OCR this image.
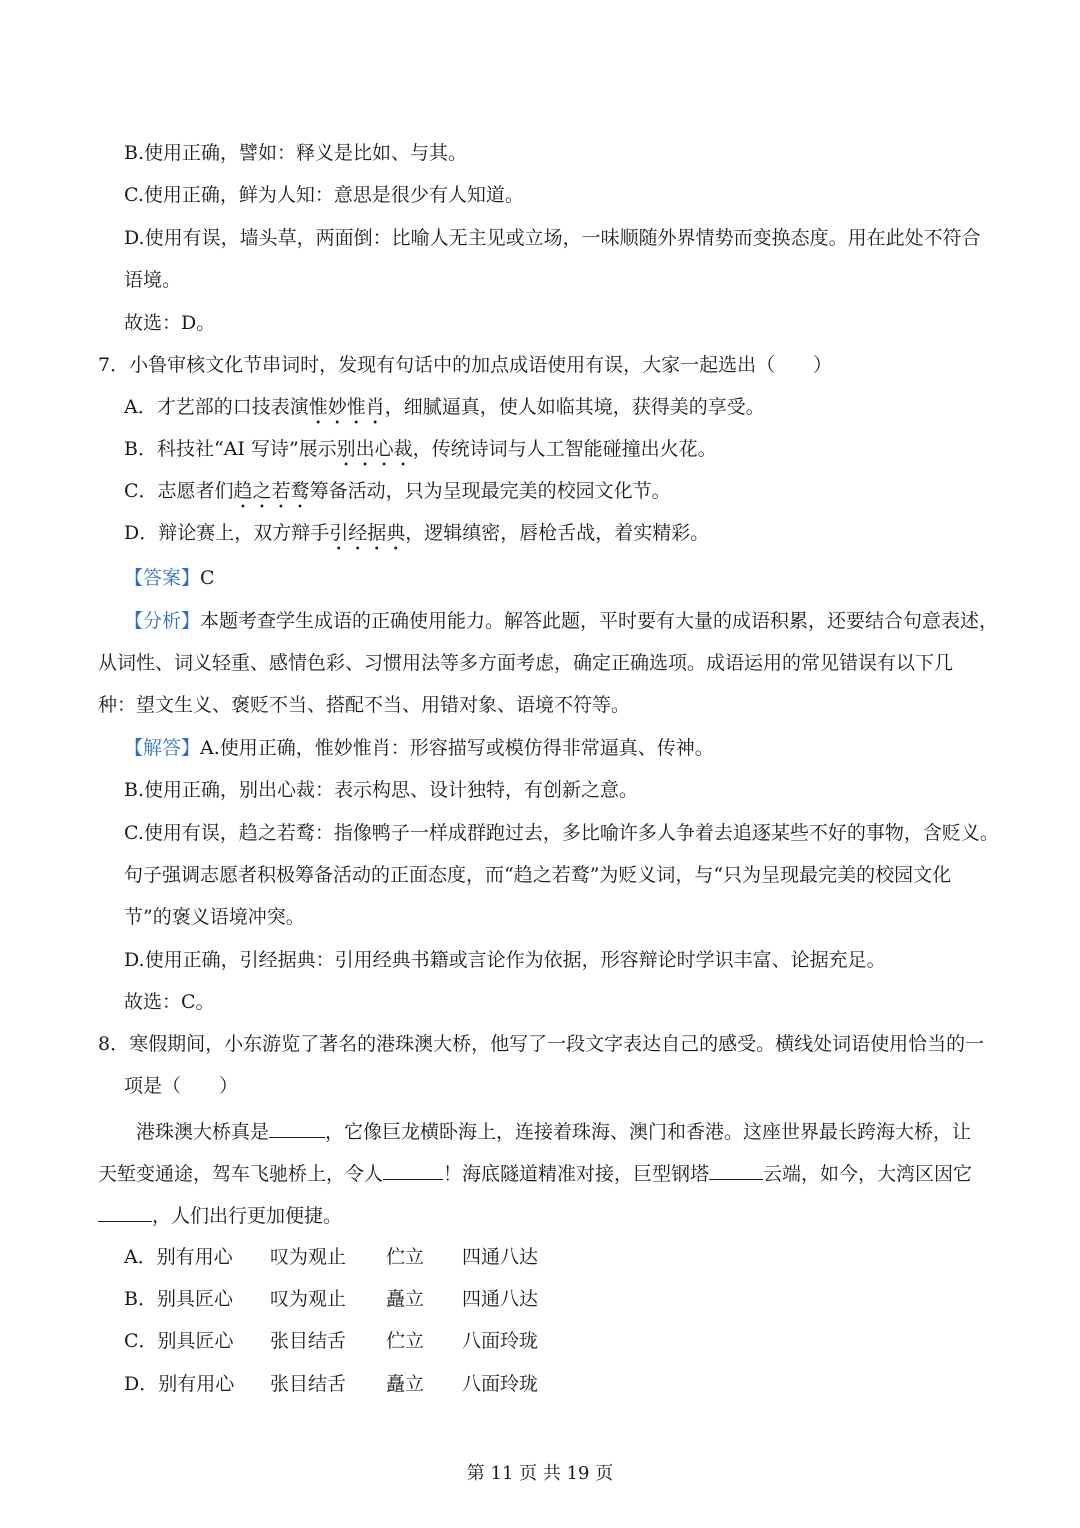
B.使用正确，譬如：释义是比如、与其。
C.使用正确，鲜为人知：意思是很少有人知道。
D.使用有误，墙头草，两面倒：比喻人无主见或立场，一味顺随外界情势而变换态度。用在此处不符合
语境。
故选：D。
7．小鲁审核文化节串词时，发现有句话中的加点成语使用有误，大家一起选出（　　）
A．才艺部的口技表演惟妙惟肖，细腻逼真，使人如临其境，获得美的享受。
B．科技社“AI 写诗”展示别出心裁，传统诗词与人工智能碰撞出火花。
C．志愿者们趋之若鹜筹备活动，只为呈现最完美的校园文化节。
D．辩论赛上，双方辩手引经据典，逻辑缜密，唇枪舌战，着实精彩。
【答案】C
【分析】本题考查学生成语的正确使用能力。解答此题，平时要有大量的成语积累，还要结合句意表述，
从词性、词义轻重、感情色彩、习惯用法等多方面考虑，确定正确选项。成语运用的常见错误有以下几
种：望文生义、褒贬不当、搭配不当、用错对象、语境不符等。
【解答】A.使用正确，惟妙惟肖：形容描写或模仿得非常逼真、传神。
B.使用正确，别出心裁：表示构思、设计独特，有创新之意。
C.使用有误，趋之若鹜：指像鸭子一样成群跑过去，多比喻许多人争着去追逐某些不好的事物，含贬义。
句子强调志愿者积极筹备活动的正面态度，而“趋之若鹜”为贬义词，与“只为呈现最完美的校园文化
节”的褒义语境冲突。
D.使用正确，引经据典：引用经典书籍或言论作为依据，形容辩论时学识丰富、论据充足。
故选：C。
8．寒假期间，小东游览了著名的港珠澳大桥，他写了一段文字表达自己的感受。横线处词语使用恰当的一
项是（　　）
港珠澳大桥真是	，它像巨龙横卧海上，连接着珠海、澳门和香港。这座世界最长跨海大桥，让
天堑变通途，驾车飞驰桥上，令人	！海底隧道精准对接，巨型钢塔	云端，如今，大湾区因它
，人们出行更加便捷。
A．别有用心 叹为观止 伫立 四通八达
B．别具匠心 叹为观止 矗立 四通八达
C．别具匠心 张目结舌 伫立 八面玲珑
D．别有用心 张目结舌 矗立 八面玲珑
第 11 页 共 19 页
